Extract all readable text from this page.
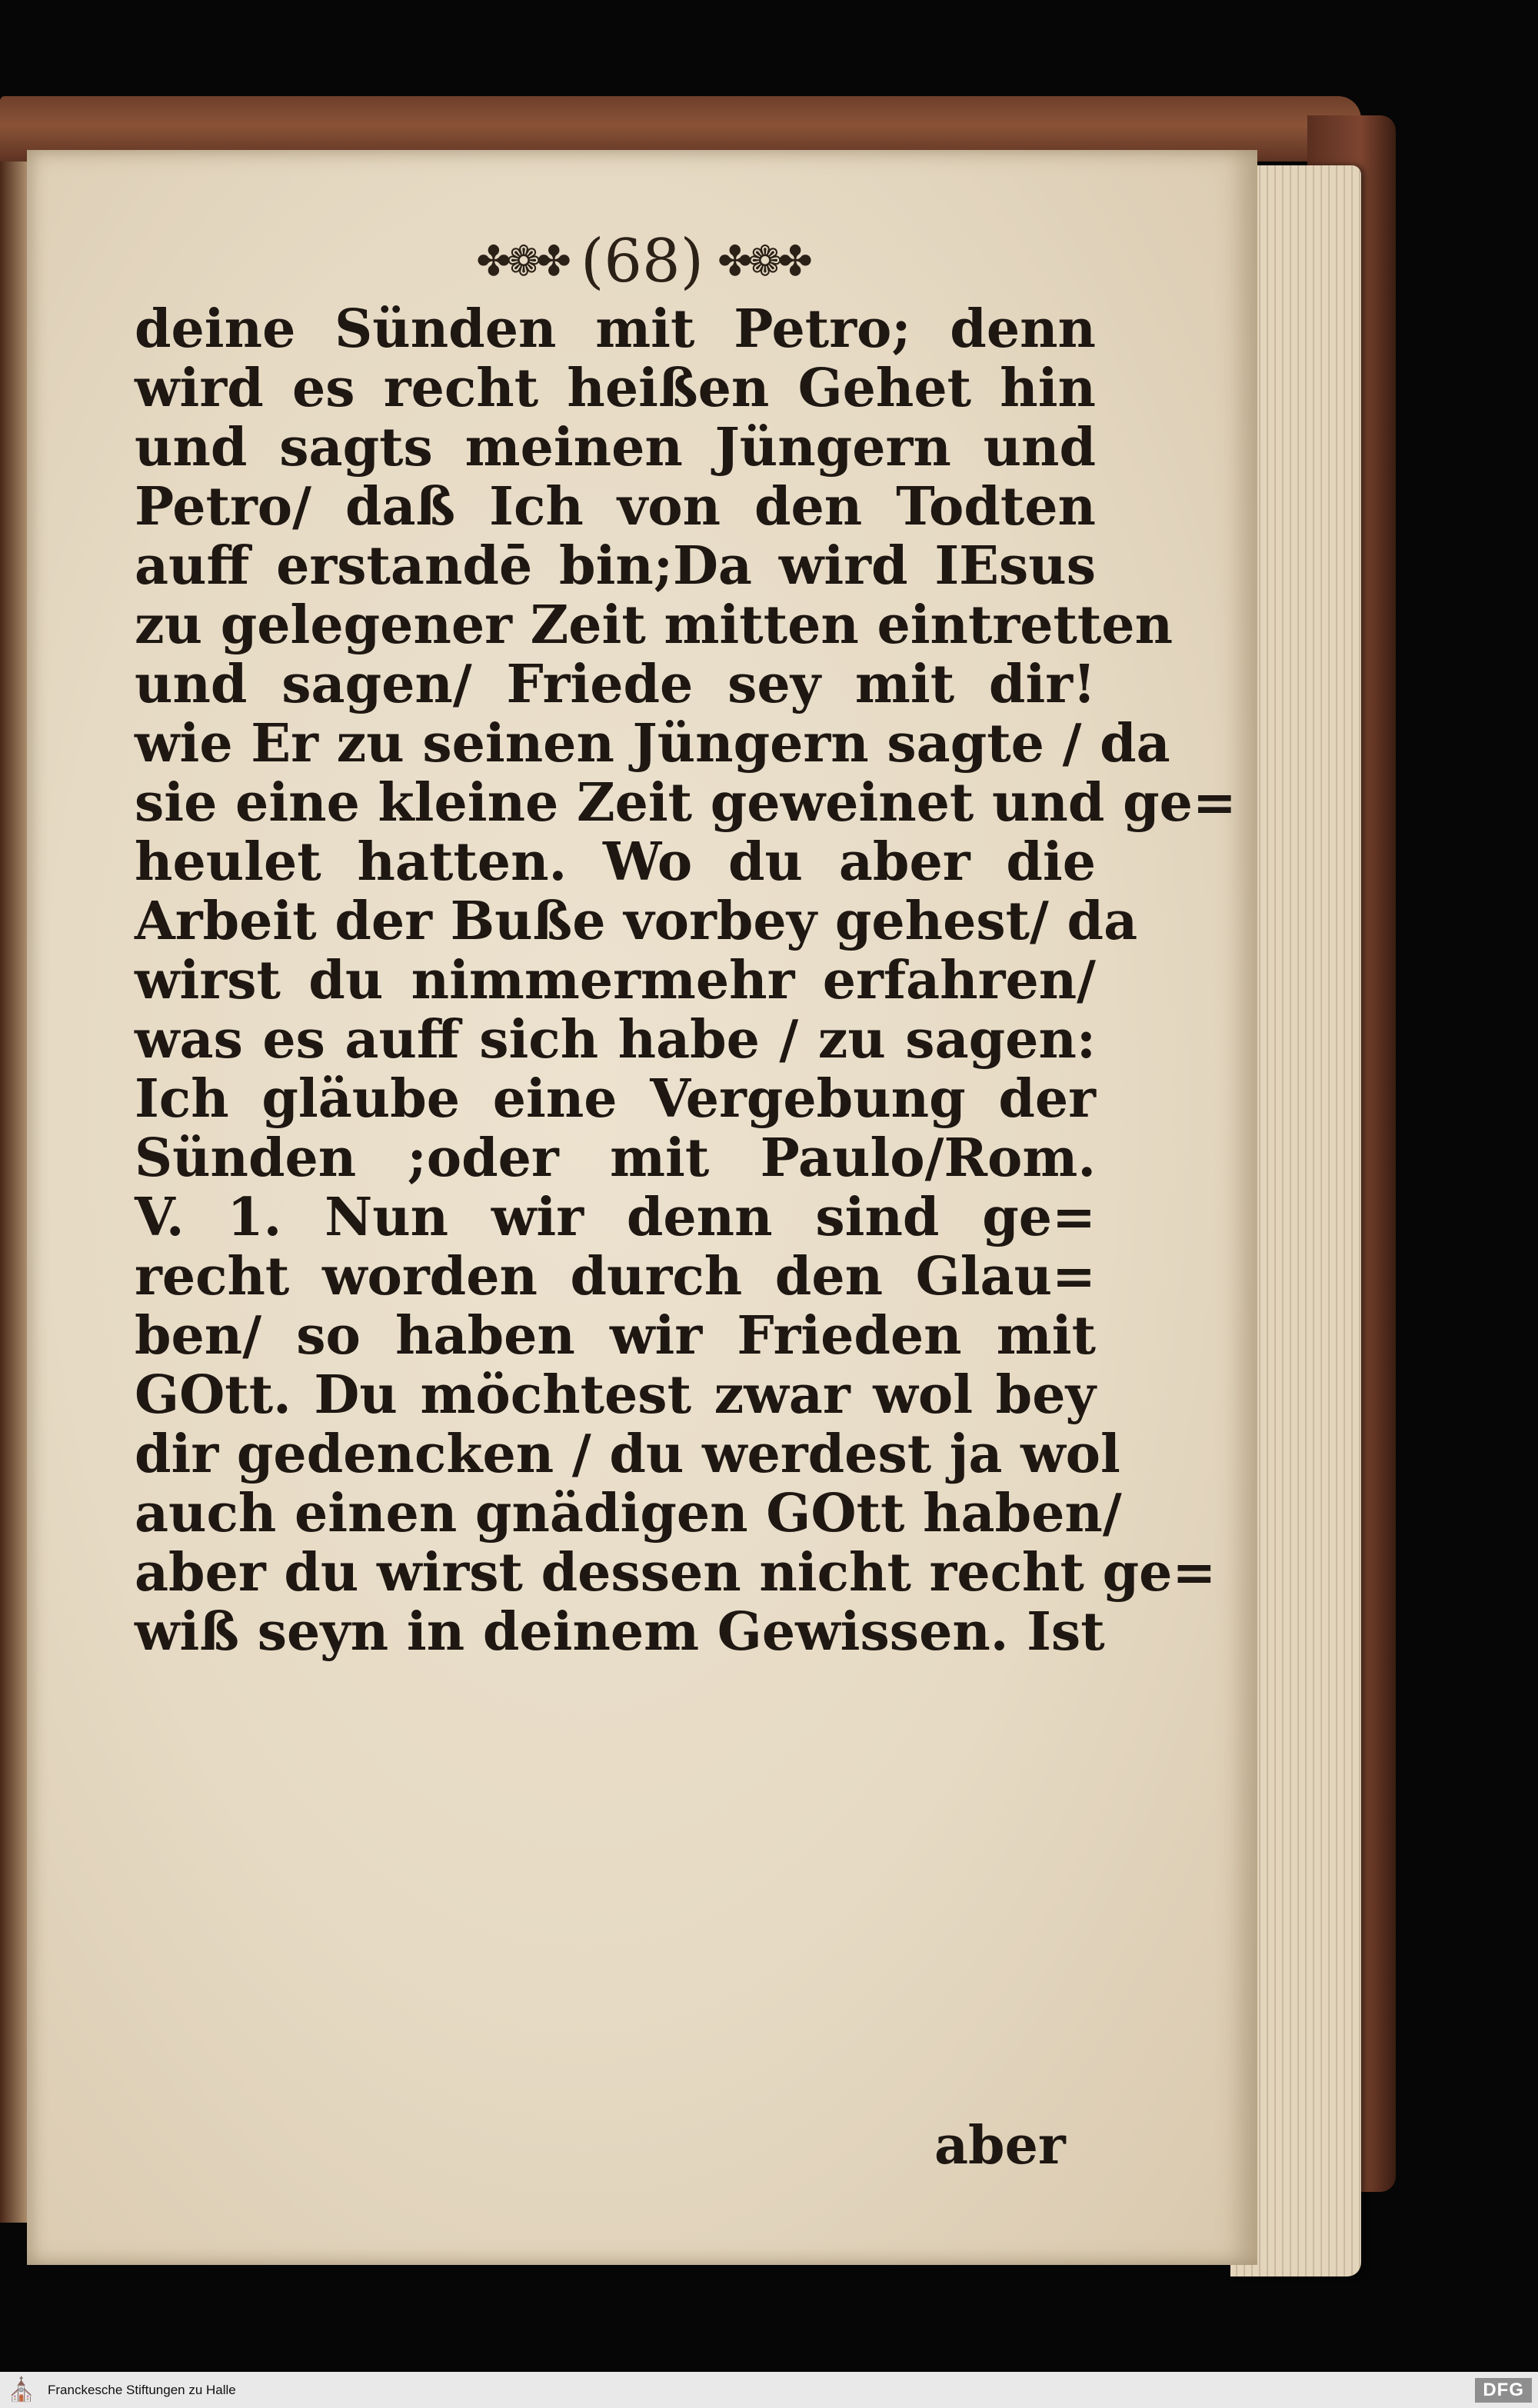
✤❁✤ (68) ✤❁✤
deine Sünden mit Petro; denn
wird es recht heißen Gehet hin
und sagts meinen Jüngern und
Petro/ daß Ich von den Todten
auff erstandē bin;Da wird IEsus
zu gelegener Zeit mitten eintretten
und sagen/ Friede sey mit dir!
wie Er zu seinen Jüngern sagte / da
sie eine kleine Zeit geweinet und ge=
heulet hatten. Wo du aber die
Arbeit der Buße vorbey gehest/ da
wirst du nimmermehr erfahren/
was es auff sich habe / zu sagen:
Ich gläube eine Vergebung der
Sünden ;oder mit Paulo/Rom.
V. 1. Nun wir denn sind ge=
recht worden durch den Glau=
ben/ so haben wir Frieden mit
GOtt. Du möchtest zwar wol bey
dir gedencken / du werdest ja wol
auch einen gnädigen GOtt haben/
aber du wirst dessen nicht recht ge=
wiß seyn in deinem Gewissen. Ist
aber
⛪ Franckesche Stiftungen zu Halle	DFG
